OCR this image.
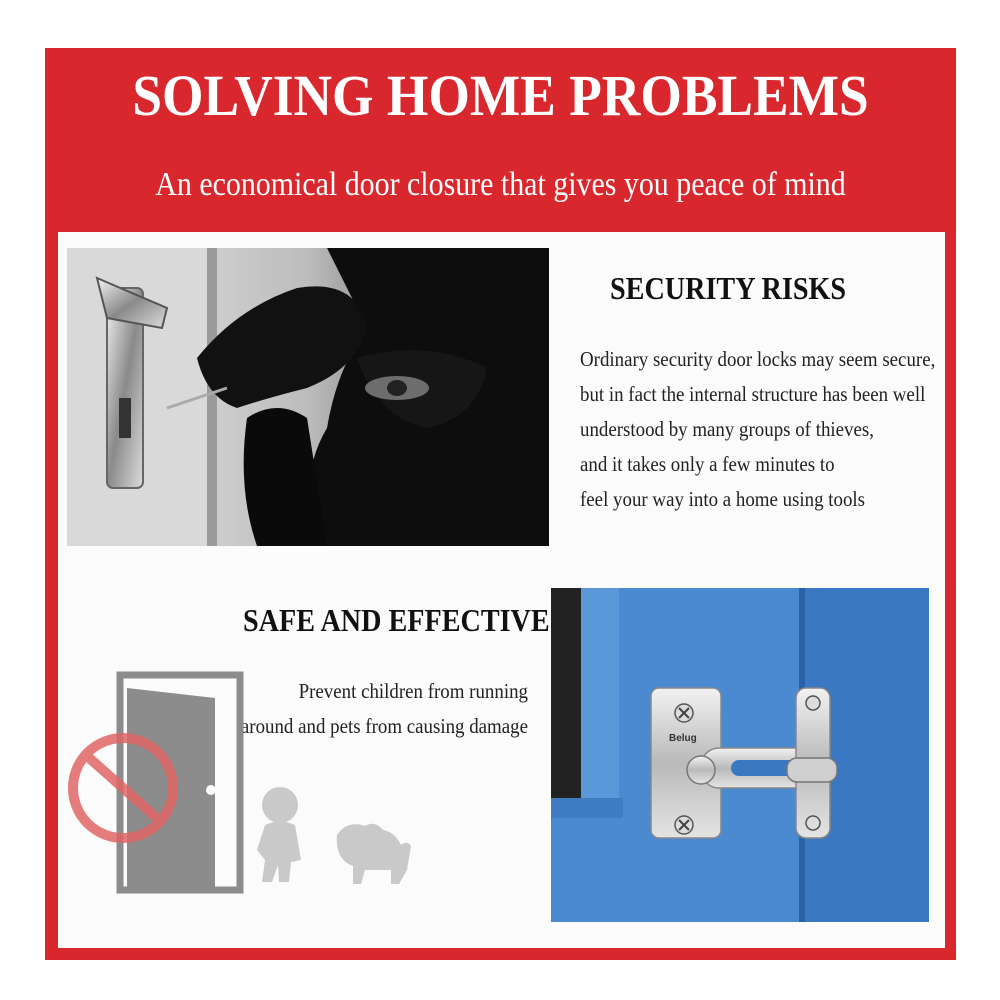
SOLVING HOME PROBLEMS
An economical door closure that gives you peace of mind
SECURITY RISKS
Ordinary security door locks may seem secure,
but in fact the internal structure has been well
understood by many groups of thieves,
and it takes only a few minutes to
feel your way into a home using tools
SAFE AND EFFECTIVE
Prevent children from running
around and pets from causing damage
Belug
